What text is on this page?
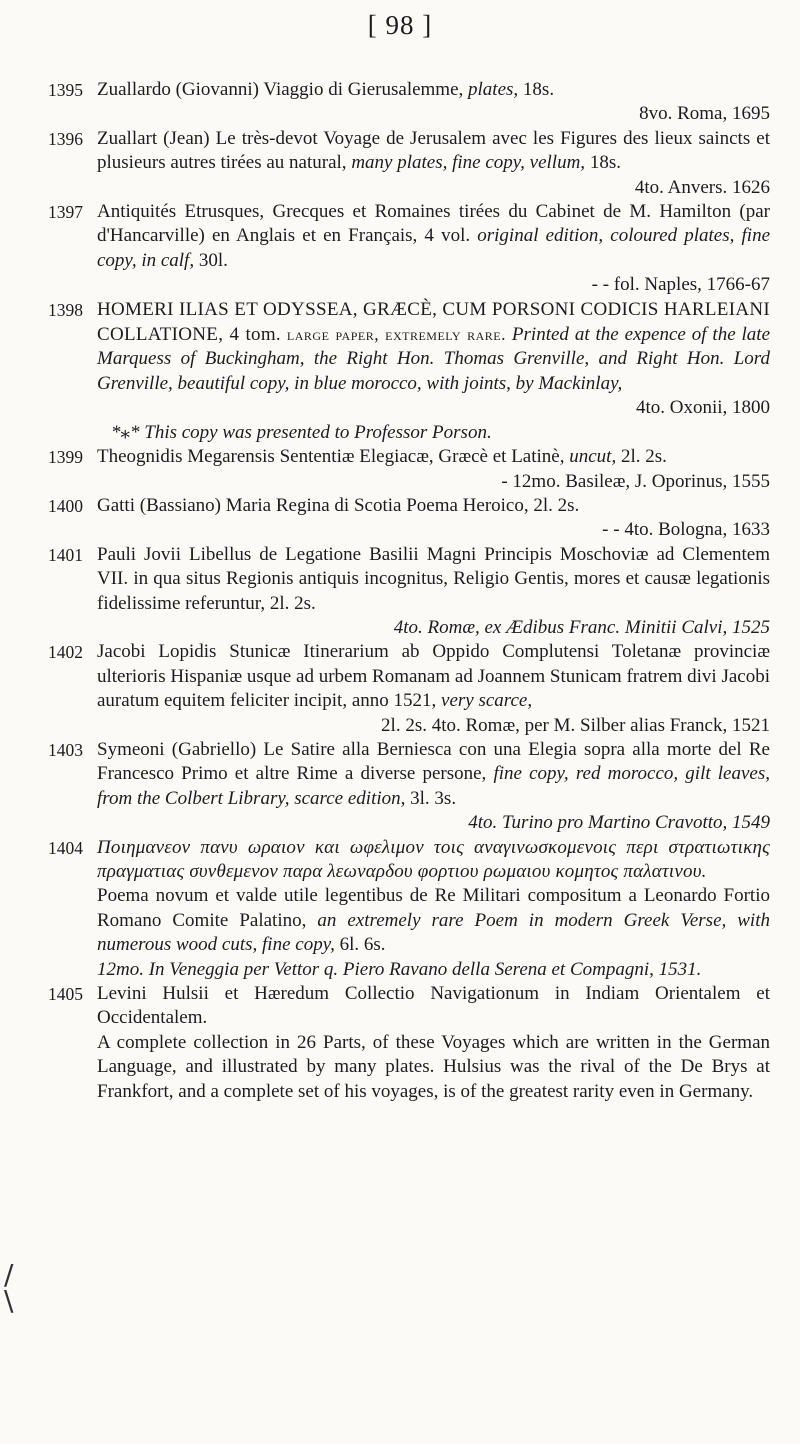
[ 98 ]
/
\
1395 Zuallardo (Giovanni) Viaggio di Gierusalemme, plates, 18s.
8vo. Roma, 1695
1396 Zuallart (Jean) Le très-devot Voyage de Jerusalem avec les Figures des lieux saincts et plusieurs autres tirées au natural, many plates, fine copy, vellum, 18s.
4to. Anvers. 1626
1397 Antiquités Etrusques, Grecques et Romaines tirées du Cabinet de M. Hamilton (par d'Hancarville) en Anglais et en Français, 4 vol. original edition, coloured plates, fine copy, in calf, 30l.
- - fol. Naples, 1766-67
1398 HOMERI ILIAS ET ODYSSEA, GRÆCÈ, CUM PORSONI CODICIS HARLEIANI COLLATIONE, 4 tom. large paper, extremely rare. Printed at the expence of the late Marquess of Buckingham, the Right Hon. Thomas Grenville, and Right Hon. Lord Grenville, beautiful copy, in blue morocco, with joints, by Mackinlay,
4to. Oxonii, 1800
*⁎* This copy was presented to Professor Porson.
1399 Theognidis Megarensis Sententiæ Elegiacæ, Græcè et Latinè, uncut, 2l. 2s.
- 12mo. Basileæ, J. Oporinus, 1555
1400 Gatti (Bassiano) Maria Regina di Scotia Poema Heroico, 2l. 2s.
- - 4to. Bologna, 1633
1401 Pauli Jovii Libellus de Legatione Basilii Magni Principis Moschoviæ ad Clementem VII. in qua situs Regionis antiquis incognitus, Religio Gentis, mores et causæ legationis fidelissime referuntur, 2l. 2s.
4to. Romæ, ex Ædibus Franc. Minitii Calvi, 1525
1402 Jacobi Lopidis Stunicæ Itinerarium ab Oppido Complutensi Toletanæ provinciæ ulterioris Hispaniæ usque ad urbem Romanam ad Joannem Stunicam fratrem divi Jacobi auratum equitem feliciter incipit, anno 1521, very scarce,
2l. 2s. 4to. Romæ, per M. Silber alias Franck, 1521
1403 Symeoni (Gabriello) Le Satire alla Berniesca con una Elegia sopra alla morte del Re Francesco Primo et altre Rime a diverse persone, fine copy, red morocco, gilt leaves, from the Colbert Library, scarce edition, 3l. 3s.
4to. Turino pro Martino Cravotto, 1549
1404 Ποιημανεον πανυ ωραιον και ωφελιμον τοις αναγινωσκομενοις περι στρατιωτικης πραγματιας συνθεμενον παρα λεωναρδου φορτιου ρωμαιου κομητος παλατινου.
Poema novum et valde utile legentibus de Re Militari compositum a Leonardo Fortio Romano Comite Palatino, an extremely rare Poem in modern Greek Verse, with numerous wood cuts, fine copy, 6l. 6s.
12mo. In Veneggia per Vettor q. Piero Ravano della Serena et Compagni, 1531.
1405 Levini Hulsii et Hæredum Collectio Navigationum in Indiam Orientalem et Occidentalem.
A complete collection in 26 Parts, of these Voyages which are written in the German Language, and illustrated by many plates. Hulsius was the rival of the De Brys at Frankfort, and a complete set of his voyages, is of the greatest rarity even in Germany.
